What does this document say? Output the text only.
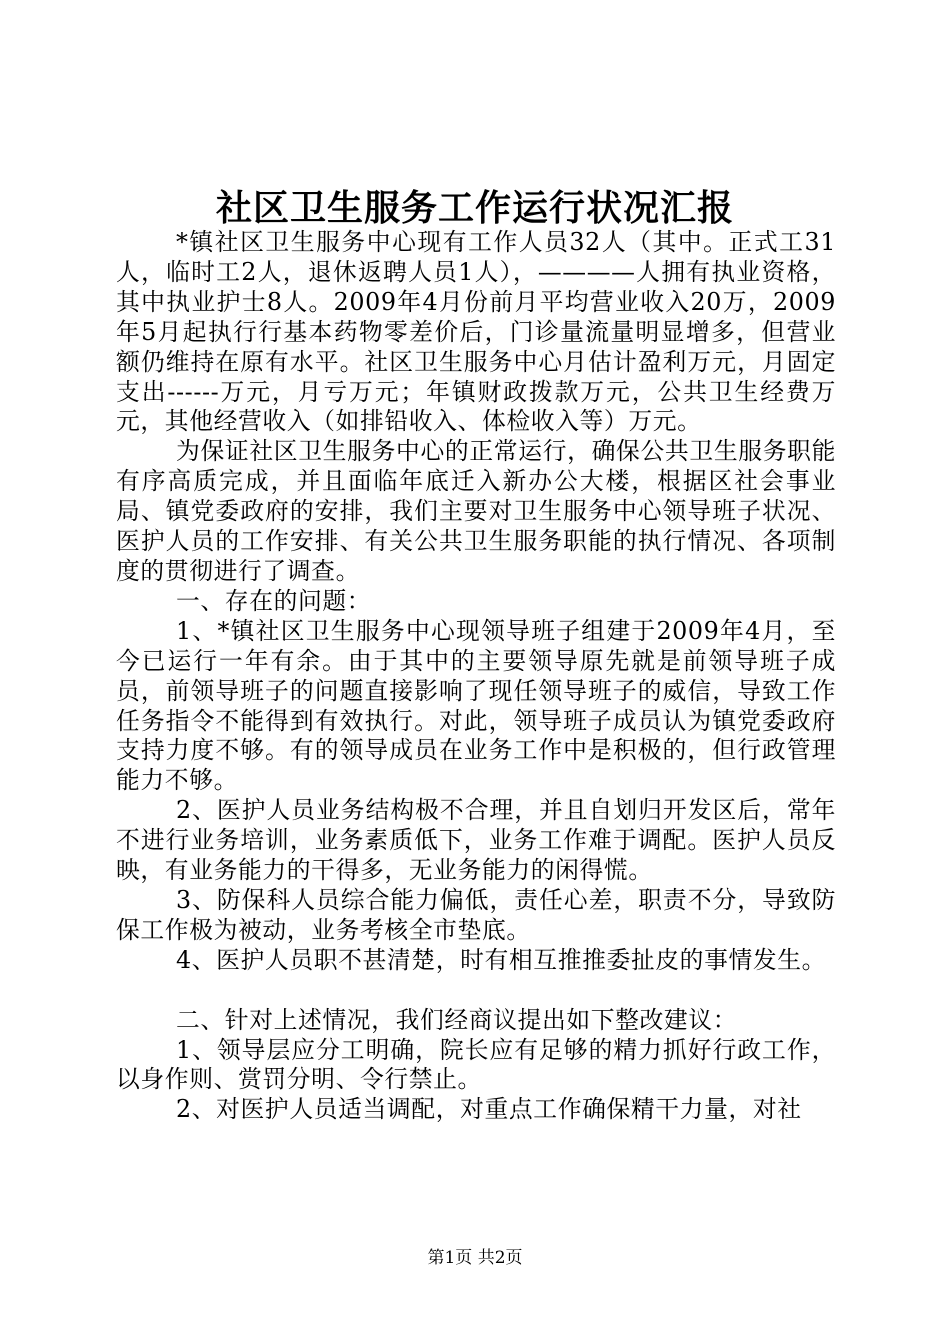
社区卫生服务工作运行状况汇报

*镇社区卫生服务中心现有工作人员32人（其中。正式工31人，临时工2人，退休返聘人员1人），————人拥有执业资格，其中执业护士8人。2009年4月份前月平均营业收入20万，2009年5月起执行行基本药物零差价后，门诊量流量明显增多，但营业额仍维持在原有水平。社区卫生服务中心月估计盈利万元，月固定支出------万元，月亏万元；年镇财政拨款万元，公共卫生经费万元，其他经营收入（如排铅收入、体检收入等）万元。

为保证社区卫生服务中心的正常运行，确保公共卫生服务职能有序高质完成，并且面临年底迁入新办公大楼，根据区社会事业局、镇党委政府的安排，我们主要对卫生服务中心领导班子状况、医护人员的工作安排、有关公共卫生服务职能的执行情况、各项制度的贯彻进行了调查。

一、存在的问题：

1、*镇社区卫生服务中心现领导班子组建于2009年4月，至今已运行一年有余。由于其中的主要领导原先就是前领导班子成员，前领导班子的问题直接影响了现任领导班子的威信，导致工作任务指令不能得到有效执行。对此，领导班子成员认为镇党委政府支持力度不够。有的领导成员在业务工作中是积极的，但行政管理能力不够。

2、医护人员业务结构极不合理，并且自划归开发区后，常年不进行业务培训，业务素质低下，业务工作难于调配。医护人员反映，有业务能力的干得多，无业务能力的闲得慌。

3、防保科人员综合能力偏低，责任心差，职责不分，导致防保工作极为被动，业务考核全市垫底。

4、医护人员职不甚清楚，时有相互推推委扯皮的事情发生。

二、针对上述情况，我们经商议提出如下整改建议：

1、领导层应分工明确，院长应有足够的精力抓好行政工作，以身作则、赏罚分明、令行禁止。

2、对医护人员适当调配，对重点工作确保精干力量，对社

第1页 共2页
